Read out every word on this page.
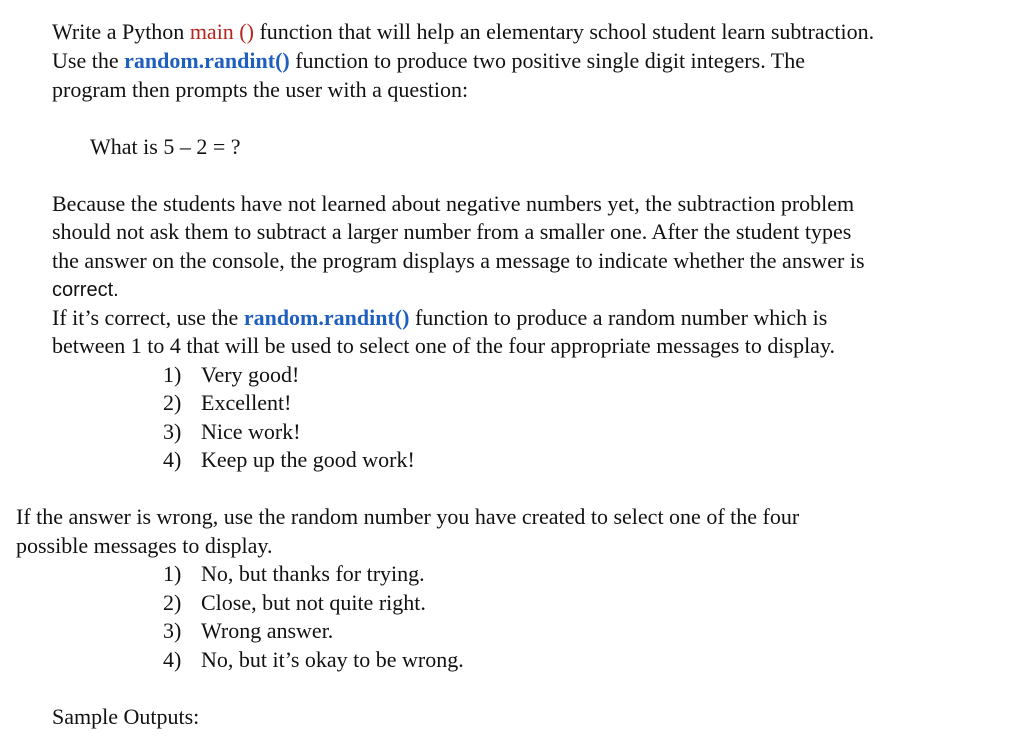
Write a Python main () function that will help an elementary school student learn subtraction.
Use the random.randint() function to produce two positive single digit integers. The
program then prompts the user with a question:
What is 5 – 2 = ?
Because the students have not learned about negative numbers yet, the subtraction problem
should not ask them to subtract a larger number from a smaller one. After the student types
the answer on the console, the program displays a message to indicate whether the answer is
correct.
If it’s correct, use the random.randint() function to produce a random number which is
between 1 to 4 that will be used to select one of the four appropriate messages to display.
1) Very good!
2) Excellent!
3) Nice work!
4) Keep up the good work!
If the answer is wrong, use the random number you have created to select one of the four
possible messages to display.
1) No, but thanks for trying.
2) Close, but not quite right.
3) Wrong answer.
4) No, but it’s okay to be wrong.
Sample Outputs:
